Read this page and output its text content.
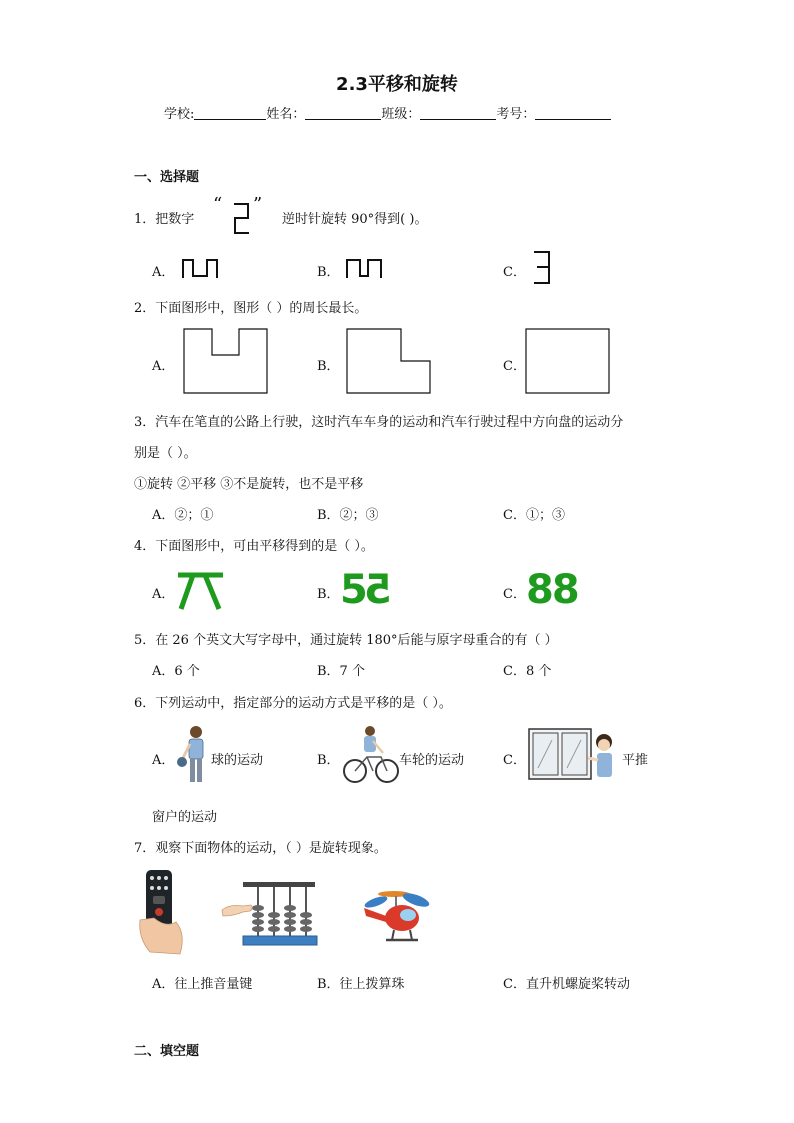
2.3平移和旋转
学校:	姓名：	班级：	考号：
一、选择题
1．把数字
“ ”
逆时针旋转 90°得到( )。
A．	B．	C．
2．下面图形中，图形（ ）的周长最长。
A．	B．	C．
3．汽车在笔直的公路上行驶，这时汽车车身的运动和汽车行驶过程中方向盘的运动分
别是（ ）。
①旋转 ②平移 ③不是旋转，也不是平移
A．②；①	B．②；③	C．①；③
4．下面图形中，可由平移得到的是（ ）。
A．	B． 55	C． 88
5．在 26 个英文大写字母中，通过旋转 180°后能与原字母重合的有（ ）
A．6 个	B．7 个	C．8 个
6．下列运动中，指定部分的运动方式是平移的是（ ）。
A．	球的运动	B．	车轮的运动	C．	平推
窗户的运动
7．观察下面物体的运动，（ ）是旋转现象。
A．往上推音量键	B．往上拨算珠	C．直升机螺旋桨转动
二、填空题
